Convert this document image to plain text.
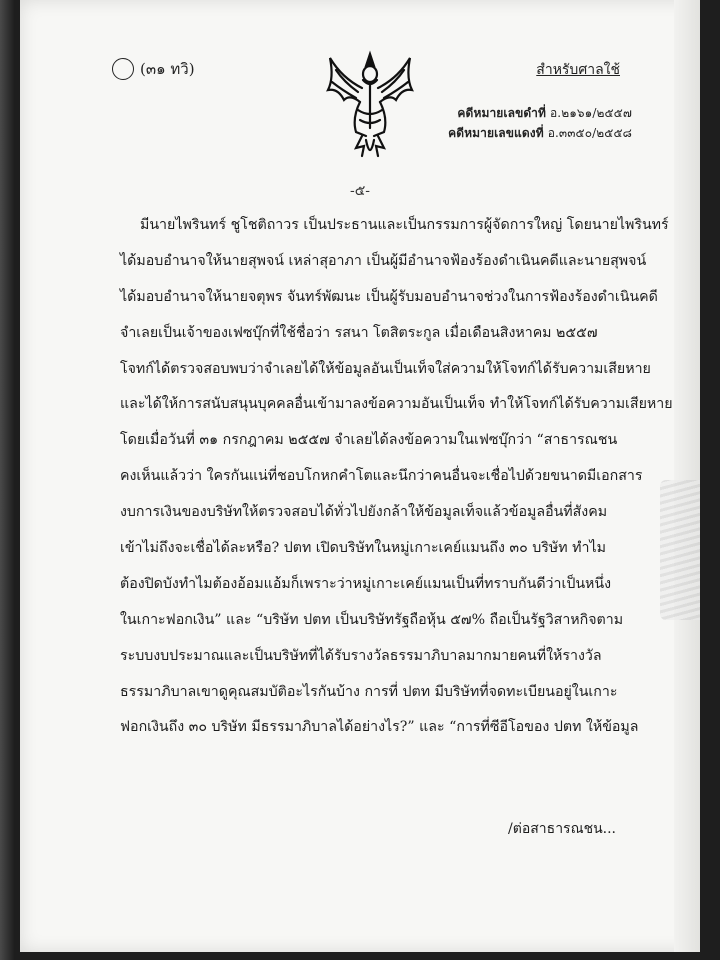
(๓๑ ทวิ)	สำหรับศาลใช้
คดีหมายเลขดำที่ อ.๒๑๖๑/๒๕๕๗
คดีหมายเลขแดงที่ อ.๓๓๕๐/๒๕๕๘
-๕-
มีนายไพรินทร์ ชูโชติถาวร เป็นประธานและเป็นกรรมการผู้จัดการใหญ่ โดยนายไพรินทร์
ได้มอบอำนาจให้นายสุพจน์ เหล่าสุอาภา เป็นผู้มีอำนาจฟ้องร้องดำเนินคดีและนายสุพจน์
ได้มอบอำนาจให้นายจตุพร จันทร์พัฒนะ เป็นผู้รับมอบอำนาจช่วงในการฟ้องร้องดำเนินคดี
จำเลยเป็นเจ้าของเฟซบุ๊กที่ใช้ชื่อว่า รสนา โตสิตระกูล เมื่อเดือนสิงหาคม ๒๕๕๗
โจทก์ได้ตรวจสอบพบว่าจำเลยได้ให้ข้อมูลอันเป็นเท็จใส่ความให้โจทก์ได้รับความเสียหาย
และได้ให้การสนับสนุนบุคคลอื่นเข้ามาลงข้อความอันเป็นเท็จ ทำให้โจทก์ได้รับความเสียหาย
โดยเมื่อวันที่ ๓๑ กรกฎาคม ๒๕๕๗ จำเลยได้ลงข้อความในเฟซบุ๊กว่า “สาธารณชน
คงเห็นแล้วว่า ใครกันแน่ที่ชอบโกหกคำโตและนึกว่าคนอื่นจะเชื่อไปด้วยขนาดมีเอกสาร
งบการเงินของบริษัทให้ตรวจสอบได้ทั่วไปยังกล้าให้ข้อมูลเท็จแล้วข้อมูลอื่นที่สังคม
เข้าไม่ถึงจะเชื่อได้ละหรือ? ปตท เปิดบริษัทในหมู่เกาะเคย์แมนถึง ๓๐ บริษัท ทำไม
ต้องปิดบังทำไมต้องอ้อมแอ้มก็เพราะว่าหมู่เกาะเคย์แมนเป็นที่ทราบกันดีว่าเป็นหนึ่ง
ในเกาะฟอกเงิน” และ “บริษัท ปตท เป็นบริษัทรัฐถือหุ้น ๕๗% ถือเป็นรัฐวิสาหกิจตาม
ระบบงบประมาณและเป็นบริษัทที่ได้รับรางวัลธรรมาภิบาลมากมายคนที่ให้รางวัล
ธรรมาภิบาลเขาดูคุณสมบัติอะไรกันบ้าง การที่ ปตท มีบริษัทที่จดทะเบียนอยู่ในเกาะ
ฟอกเงินถึง ๓๐ บริษัท มีธรรมาภิบาลได้อย่างไร?” และ “การที่ซีอีโอของ ปตท ให้ข้อมูล
/ต่อสาธารณชน...
